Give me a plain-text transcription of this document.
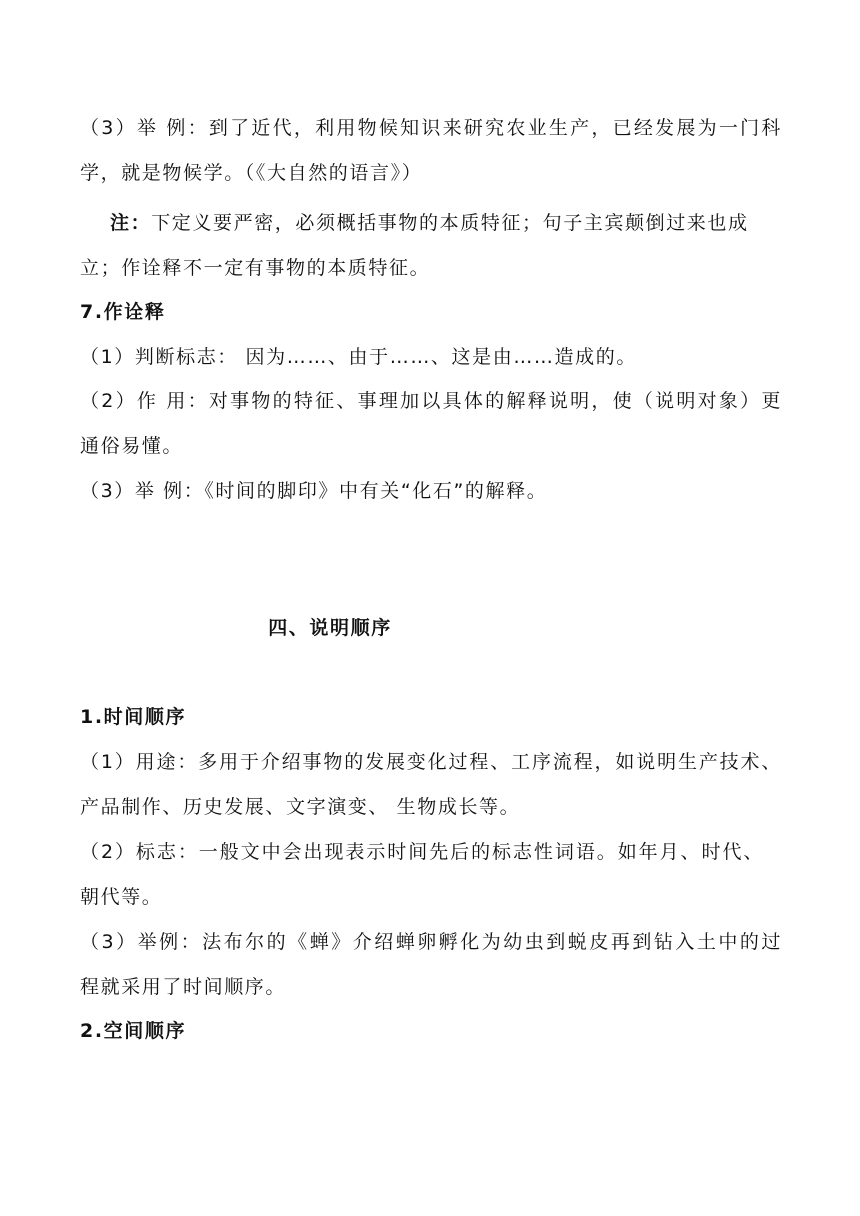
（3）举 例：到了近代，利用物候知识来研究农业生产，已经发展为一门科
学，就是物候学。（《大自然的语言》）
注：下定义要严密，必须概括事物的本质特征；句子主宾颠倒过来也成
立；作诠释不一定有事物的本质特征。
7.作诠释
（1）判断标志： 因为……、由于……、这是由……造成的。
（2）作 用：对事物的特征、事理加以具体的解释说明，使（说明对象）更
通俗易懂。
（3）举 例：《时间的脚印》中有关“化石”的解释。
四、说明顺序
1.时间顺序
（1）用途：多用于介绍事物的发展变化过程、工序流程，如说明生产技术、
产品制作、历史发展、文字演变、 生物成长等。
（2）标志：一般文中会出现表示时间先后的标志性词语。如年月、时代、
朝代等。
（3）举例：法布尔的《蝉》介绍蝉卵孵化为幼虫到蜕皮再到钻入土中的过
程就采用了时间顺序。
2.空间顺序
